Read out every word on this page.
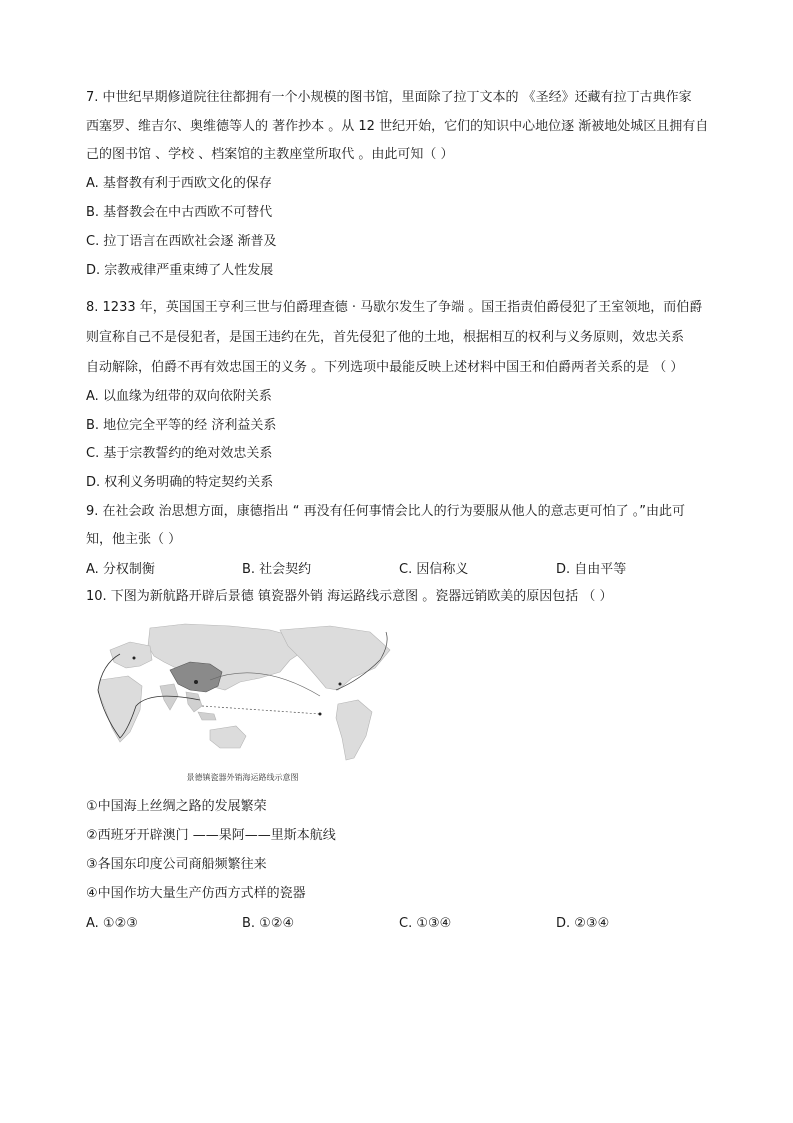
7. 中世纪早期修道院往往都拥有一个小规模的图书馆，里面除了拉丁文本的 《圣经》还藏有拉丁古典作家
西塞罗、维吉尔、奥维德等人的 著作抄本 。从 12 世纪开始，它们的知识中心地位逐 渐被地处城区且拥有自
己的图书馆 、学校 、档案馆的主教座堂所取代 。由此可知（ ）
A. 基督教有利于西欧文化的保存
B. 基督教会在中古西欧不可替代
C. 拉丁语言在西欧社会逐 渐普及
D. 宗教戒律严重束缚了人性发展
8. 1233 年，英国国王亨利三世与伯爵理查德 · 马歇尔发生了争端 。国王指责伯爵侵犯了王室领地，而伯爵
则宣称自己不是侵犯者，是国王违约在先，首先侵犯了他的土地，根据相互的权利与义务原则，效忠关系
自动解除，伯爵不再有效忠国王的义务 。下列选项中最能反映上述材料中国王和伯爵两者关系的是 （ ）
A. 以血缘为纽带的双向依附关系
B. 地位完全平等的经 济利益关系
C. 基于宗教誓约的绝对效忠关系
D. 权利义务明确的特定契约关系
9. 在社会政 治思想方面，康德指出 “ 再没有任何事情会比人的行为要服从他人的意志更可怕了 。”由此可
知，他主张（ ）
A. 分权制衡	B. 社会契约	C. 因信称义	D. 自由平等
10. 下图为新航路开辟后景德 镇瓷器外销 海运路线示意图 。瓷器远销欧美的原因包括 （ ）
景德镇瓷器外销海运路线示意图
①中国海上丝绸之路的发展繁荣
②西班牙开辟澳门 ——果阿——里斯本航线
③各国东印度公司商船频繁往来
④中国作坊大量生产仿西方式样的瓷器
A. ①②③	B. ①②④	C. ①③④	D. ②③④
